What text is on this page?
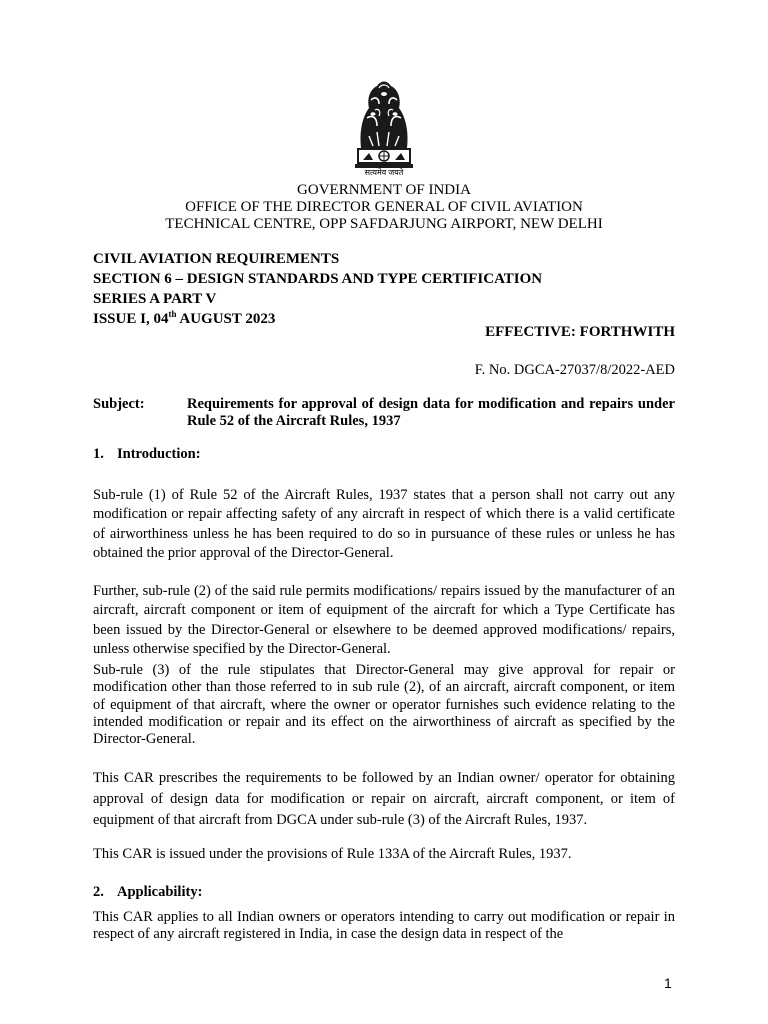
सत्यमेव जयते
GOVERNMENT OF INDIA
OFFICE OF THE DIRECTOR GENERAL OF CIVIL AVIATION
TECHNICAL CENTRE, OPP SAFDARJUNG AIRPORT, NEW DELHI
CIVIL AVIATION REQUIREMENTS
SECTION 6 – DESIGN STANDARDS AND TYPE CERTIFICATION
SERIES A PART V
ISSUE I, 04th AUGUST 2023
EFFECTIVE: FORTHWITH
F. No. DGCA-27037/8/2022-AED
Subject:	Requirements for approval of design data for modification and repairs under Rule 52 of the Aircraft Rules, 1937
1. Introduction:

Sub-rule (1) of Rule 52 of the Aircraft Rules, 1937 states that a person shall not carry out any modification or repair affecting safety of any aircraft in respect of which there is a valid certificate of airworthiness unless he has been required to do so in pursuance of these rules or unless he has obtained the prior approval of the Director-General.

Further, sub-rule (2) of the said rule permits modifications/ repairs issued by the manufacturer of an aircraft, aircraft component or item of equipment of the aircraft for which a Type Certificate has been issued by the Director-General or elsewhere to be deemed approved modifications/ repairs, unless otherwise specified by the Director-General.

Sub-rule (3) of the rule stipulates that Director-General may give approval for repair or modification other than those referred to in sub rule (2), of an aircraft, aircraft component, or item of equipment of that aircraft, where the owner or operator furnishes such evidence relating to the intended modification or repair and its effect on the airworthiness of aircraft as specified by the Director-General.

This CAR prescribes the requirements to be followed by an Indian owner/ operator for obtaining approval of design data for modification or repair on aircraft, aircraft component, or item of equipment of that aircraft from DGCA under sub-rule (3) of the Aircraft Rules, 1937.

This CAR is issued under the provisions of Rule 133A of the Aircraft Rules, 1937.

2. Applicability:

This CAR applies to all Indian owners or operators intending to carry out modification or repair in respect of any aircraft registered in India, in case the design data in respect of the

1
